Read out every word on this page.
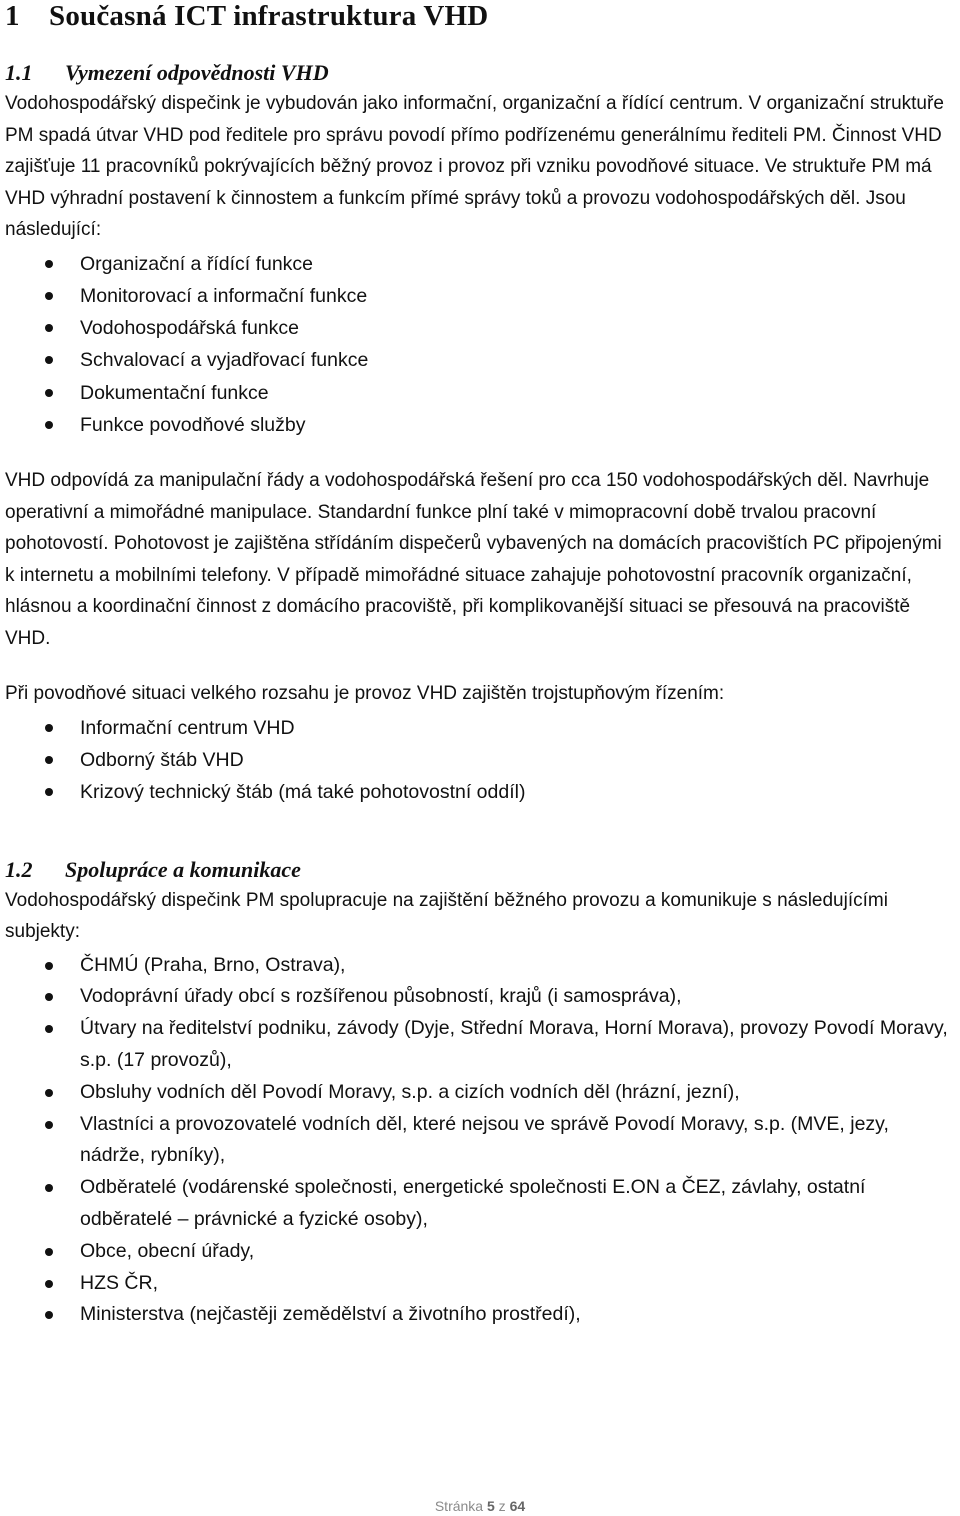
1 Současná ICT infrastruktura VHD
1.1 Vymezení odpovědnosti VHD

Vodohospodářský dispečink je vybudován jako informační, organizační a řídící centrum. V organizační struktuře PM spadá útvar VHD pod ředitele pro správu povodí přímo podřízenému generálnímu řediteli PM. Činnost VHD zajišťuje 11 pracovníků pokrývajících běžný provoz i provoz při vzniku povodňové situace. Ve struktuře PM má VHD výhradní postavení k činnostem a funkcím přímé správy toků a provozu vodohospodářských děl. Jsou následující:

Organizační a řídící funkce
Monitorovací a informační funkce
Vodohospodářská funkce
Schvalovací a vyjadřovací funkce
Dokumentační funkce
Funkce povodňové služby

VHD odpovídá za manipulační řády a vodohospodářská řešení pro cca 150 vodohospodářských děl. Navrhuje operativní a mimořádné manipulace. Standardní funkce plní také v mimopracovní době trvalou pracovní pohotovostí. Pohotovost je zajištěna střídáním dispečerů vybavených na domácích pracovištích PC připojenými k internetu a mobilními telefony. V případě mimořádné situace zahajuje pohotovostní pracovník organizační, hlásnou a koordinační činnost z domácího pracoviště, při komplikovanější situaci se přesouvá na pracoviště VHD.

Při povodňové situaci velkého rozsahu je provoz VHD zajištěn trojstupňovým řízením:

Informační centrum VHD
Odborný štáb VHD
Krizový technický štáb (má také pohotovostní oddíl)
1.2 Spolupráce a komunikace

Vodohospodářský dispečink PM spolupracuje na zajištění běžného provozu a komunikuje s následujícími subjekty:

ČHMÚ (Praha, Brno, Ostrava),
Vodoprávní úřady obcí s rozšířenou působností, krajů (i samospráva),
Útvary na ředitelství podniku, závody (Dyje, Střední Morava, Horní Morava), provozy Povodí Moravy, s.p. (17 provozů),
Obsluhy vodních děl Povodí Moravy, s.p. a cizích vodních děl (hrázní, jezní),
Vlastníci a provozovatelé vodních děl, které nejsou ve správě Povodí Moravy, s.p. (MVE, jezy, nádrže, rybníky),
Odběratelé (vodárenské společnosti, energetické společnosti E.ON a ČEZ, závlahy, ostatní odběratelé – právnické a fyzické osoby),
Obce, obecní úřady,
HZS ČR,
Ministerstva (nejčastěji zemědělství a životního prostředí),
Stránka 5 z 64
